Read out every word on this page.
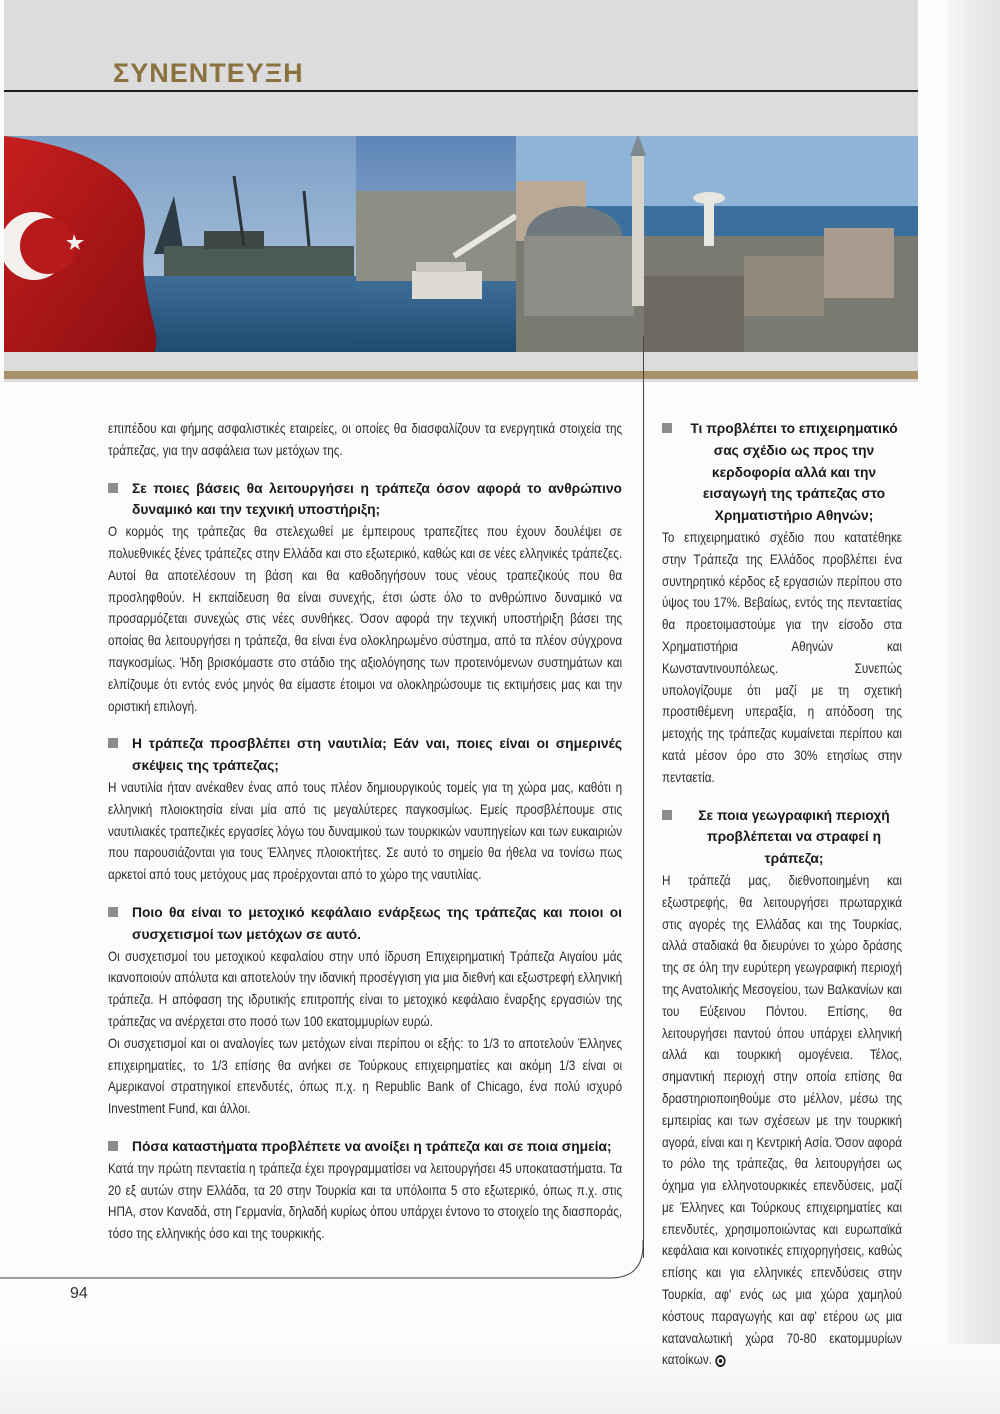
ΣΥΝΕΝΤΕΥΞΗ

επιπέδου και φήμης ασφαλιστικές εταιρείες, οι οποίες θα διασφαλίζουν τα ενεργητικά στοιχεία της τράπεζας, για την ασφάλεια των μετόχων της.

Σε ποιες βάσεις θα λειτουργήσει η τράπεζα όσον αφορά το ανθρώπινο δυναμικό και την τεχνική υποστήριξη;

Ο κορμός της τράπεζας θα στελεχωθεί με έμπειρους τραπεζίτες που έχουν δουλέψει σε πολυεθνικές ξένες τράπεζες στην Ελλάδα και στο εξωτερικό, καθώς και σε νέες ελληνικές τράπεζες. Αυτοί θα αποτελέσουν τη βάση και θα καθοδηγήσουν τους νέους τραπεζικούς που θα προσληφθούν. Η εκπαίδευση θα είναι συνεχής, έτσι ώστε όλο το ανθρώπινο δυναμικό να προσαρμόζεται συνεχώς στις νέες συνθήκες. Όσον αφορά την τεχνική υποστήριξη βάσει της οποίας θα λειτουργήσει η τράπεζα, θα είναι ένα ολοκληρωμένο σύστημα, από τα πλέον σύγχρονα παγκοσμίως. Ήδη βρισκόμαστε στο στάδιο της αξιολόγησης των προτεινόμενων συστημάτων και ελπίζουμε ότι εντός ενός μηνός θα είμαστε έτοιμοι να ολοκληρώσουμε τις εκτιμήσεις μας και την οριστική επιλογή.

Η τράπεζα προσβλέπει στη ναυτιλία; Εάν ναι, ποιες είναι οι σημερινές σκέψεις της τράπεζας;

Η ναυτιλία ήταν ανέκαθεν ένας από τους πλέον δημιουργικούς τομείς για τη χώρα μας, καθότι η ελληνική πλοιοκτησία είναι μία από τις μεγαλύτερες παγκοσμίως. Εμείς προσβλέπουμε στις ναυτιλιακές τραπεζικές εργασίες λόγω του δυναμικού των τουρκικών ναυπηγείων και των ευκαιριών που παρουσιάζονται για τους Έλληνες πλοιοκτήτες. Σε αυτό το σημείο θα ήθελα να τονίσω πως αρκετοί από τους μετόχους μας προέρχονται από το χώρο της ναυτιλίας.

Ποιο θα είναι το μετοχικό κεφάλαιο ενάρξεως της τράπεζας και ποιοι οι συσχετισμοί των μετόχων σε αυτό.

Οι συσχετισμοί του μετοχικού κεφαλαίου στην υπό ίδρυση Επιχειρηματική Τράπεζα Αιγαίου μάς ικανοποιούν απόλυτα και αποτελούν την ιδανική προσέγγιση για μια διεθνή και εξωστρεφή ελληνική τράπεζα. Η απόφαση της ιδρυτικής επιτροπής είναι το μετοχικό κεφάλαιο έναρξης εργασιών της τράπεζας να ανέρχεται στο ποσό των 100 εκατομμυρίων ευρώ.

Οι συσχετισμοί και οι αναλογίες των μετόχων είναι περίπου οι εξής: το 1/3 το αποτελούν Έλληνες επιχειρηματίες, το 1/3 επίσης θα ανήκει σε Τούρκους επιχειρηματίες και ακόμη 1/3 είναι οι Αμερικανοί στρατηγικοί επενδυτές, όπως π.χ. η Republic Bank of Chicago, ένα πολύ ισχυρό Investment Fund, και άλλοι.

Πόσα καταστήματα προβλέπετε να ανοίξει η τράπεζα και σε ποια σημεία;

Κατά την πρώτη πενταετία η τράπεζα έχει προγραμματίσει να λειτουργήσει 45 υποκαταστήματα. Τα 20 εξ αυτών στην Ελλάδα, τα 20 στην Τουρκία και τα υπόλοιπα 5 στο εξωτερικό, όπως π.χ. στις ΗΠΑ, στον Καναδά, στη Γερμανία, δηλαδή κυρίως όπου υπάρχει έντονο το στοιχείο της διασποράς, τόσο της ελληνικής όσο και της τουρκικής.

Τι προβλέπει το επιχειρηματικό σας σχέδιο ως προς την κερδοφορία αλλά και την εισαγωγή της τράπεζας στο Χρηματιστήριο Αθηνών;

Το επιχειρηματικό σχέδιο που κατατέθηκε στην Τράπεζα της Ελλάδος προβλέπει ένα συντηρητικό κέρδος εξ εργασιών περίπου στο ύψος του 17%. Βεβαίως, εντός της πενταετίας θα προετοιμαστούμε για την είσοδο στα Χρηματιστήρια Αθηνών και Κωνσταντινουπόλεως. Συνεπώς υπολογίζουμε ότι μαζί με τη σχετική προστιθέμενη υπεραξία, η απόδοση της μετοχής της τράπεζας κυμαίνεται περίπου και κατά μέσον όρο στο 30% ετησίως στην πενταετία.

Σε ποια γεωγραφική περιοχή προβλέπεται να στραφεί η τράπεζα;

Η τράπεζά μας, διεθνοποιημένη και εξωστρεφής, θα λειτουργήσει πρωταρχικά στις αγορές της Ελλάδας και της Τουρκίας, αλλά σταδιακά θα διευρύνει το χώρο δράσης της σε όλη την ευρύτερη γεωγραφική περιοχή της Ανατολικής Μεσογείου, των Βαλκανίων και του Εύξεινου Πόντου. Επίσης, θα λειτουργήσει παντού όπου υπάρχει ελληνική αλλά και τουρκική ομογένεια. Τέλος, σημαντική περιοχή στην οποία επίσης θα δραστηριοποιηθούμε στο μέλλον, μέσω της εμπειρίας και των σχέσεων με την τουρκική αγορά, είναι και η Κεντρική Ασία. Όσον αφορά το ρόλο της τράπεζας, θα λειτουργήσει ως όχημα για ελληνοτουρκικές επενδύσεις, μαζί με Έλληνες και Τούρκους επιχειρηματίες και επενδυτές, χρησιμοποιώντας και ευρωπαϊκά κεφάλαια και κοινοτικές επιχορηγήσεις, καθώς επίσης και για ελληνικές επενδύσεις στην Τουρκία, αφ' ενός ως μια χώρα χαμηλού κόστους παραγωγής και αφ' ετέρου ως μια καταναλωτική χώρα 70-80 εκατομμυρίων κατοίκων.

94
